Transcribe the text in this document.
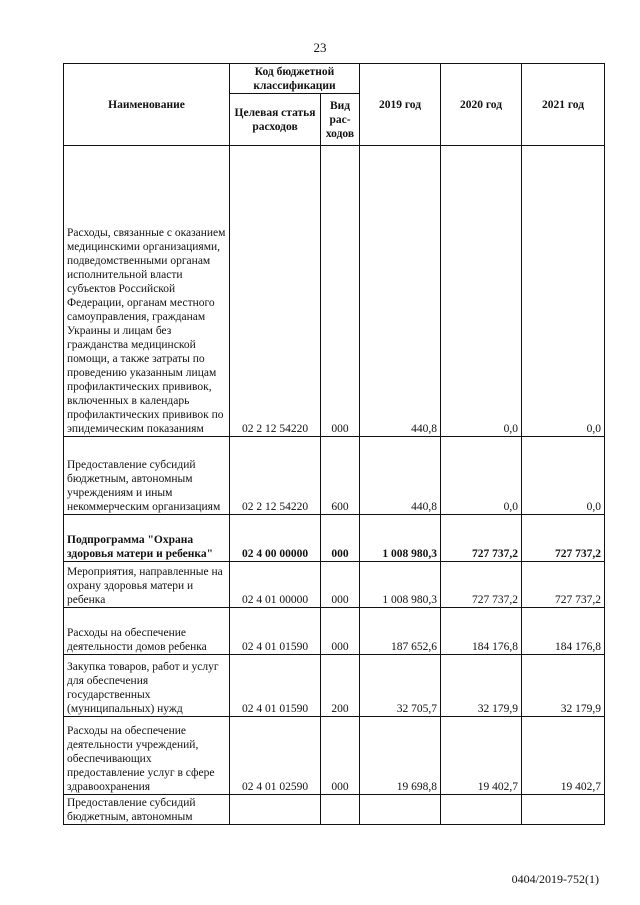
23
Наименование	Код бюджетной классификации		2019 год	2020 год	2021 год
	Целевая статья расходов	Вид рас-ходов			
Расходы, связанные с оказанием медицинскими организациями, подведомственными органам исполнительной власти субъектов Российской Федерации, органам местного самоуправления, гражданам Украины и лицам без гражданства медицинской помощи, а также затраты по проведению указанным лицам профилактических прививок, включенных в календарь профилактических прививок по эпидемическим показаниям	02 2 12 54220	000	440,8	0,0	0,0
Предоставление субсидий бюджетным, автономным учреждениям и иным некоммерческим организациям	02 2 12 54220	600	440,8	0,0	0,0
Подпрограмма "Охрана здоровья матери и ребенка"	02 4 00 00000	000	1 008 980,3	727 737,2	727 737,2
Мероприятия, направленные на охрану здоровья матери и ребенка	02 4 01 00000	000	1 008 980,3	727 737,2	727 737,2
Расходы на обеспечение деятельности домов ребенка	02 4 01 01590	000	187 652,6	184 176,8	184 176,8
Закупка товаров, работ и услуг для обеспечения государственных (муниципальных) нужд	02 4 01 01590	200	32 705,7	32 179,9	32 179,9
Расходы на обеспечение деятельности учреждений, обеспечивающих предоставление услуг в сфере здравоохранения	02 4 01 02590	000	19 698,8	19 402,7	19 402,7
Предоставление субсидий бюджетным, автономным					
0404/2019-752(1)
